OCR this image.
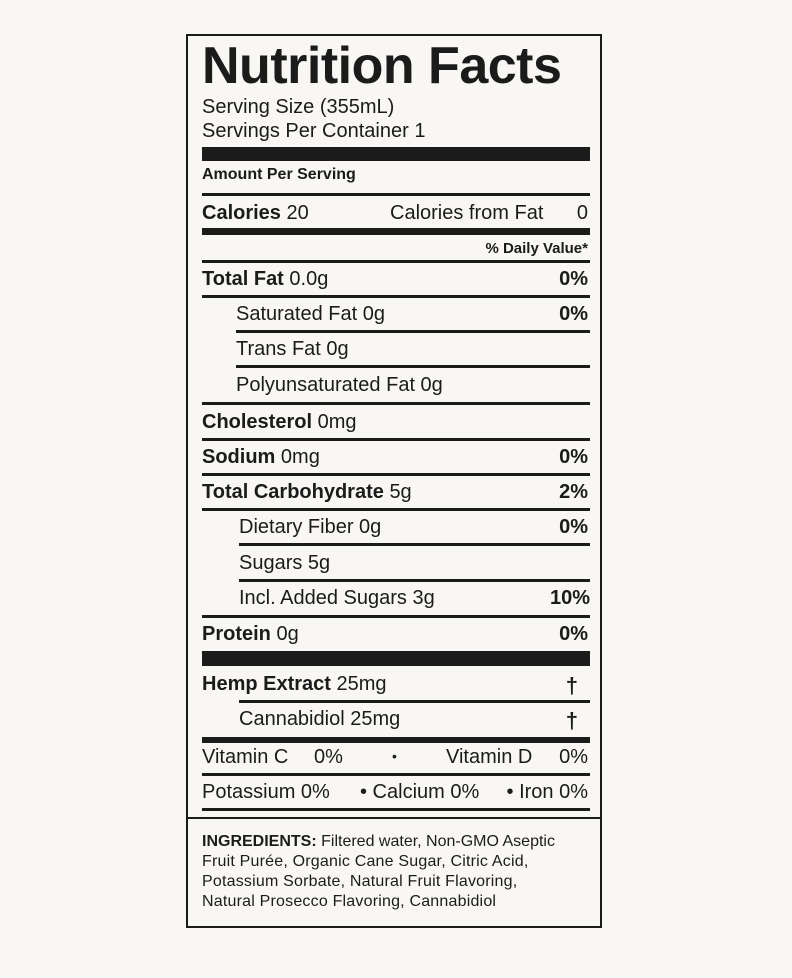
Nutrition Facts
Serving Size (355mL)
Servings Per Container 1
Amount Per Serving
Calories 20	Calories from Fat 0
% Daily Value*
Total Fat 0.0g	0%
Saturated Fat 0g	0%
Trans Fat 0g
Polyunsaturated Fat 0g
Cholesterol 0mg
Sodium 0mg	0%
Total Carbohydrate 5g	2%
Dietary Fiber 0g	0%
Sugars 5g
Incl. Added Sugars 3g	10%
Protein 0g	0%
Hemp Extract 25mg	†
Cannabidiol 25mg	†
Vitamin C 0%	• Vitamin D 0%
Potassium 0% • Calcium 0% • Iron 0%
INGREDIENTS: Filtered water, Non-GMO Aseptic
Fruit Purée, Organic Cane Sugar, Citric Acid,
Potassium Sorbate, Natural Fruit Flavoring,
Natural Prosecco Flavoring, Cannabidiol
